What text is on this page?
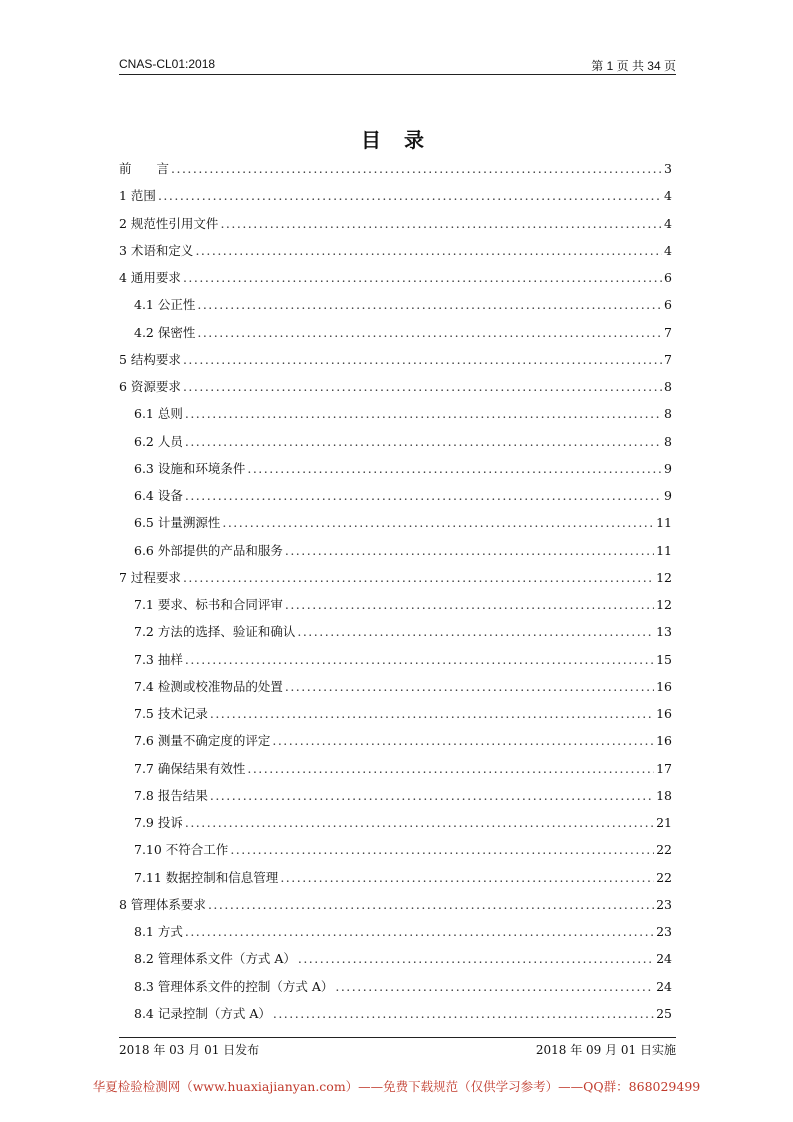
CNAS-CL01:2018	第 1 页 共 34 页
目 录
前　　言 .....	3
1 范围 .....	4
2 规范性引用文件 .....	4
3 术语和定义 .....	4
4 通用要求 .....	6
4.1 公正性 .....	6
4.2 保密性 .....	7
5 结构要求 .....	7
6 资源要求 .....	8
6.1 总则 .....	8
6.2 人员 .....	8
6.3 设施和环境条件 .....	9
6.4 设备 .....	9
6.5 计量溯源性 .....	11
6.6 外部提供的产品和服务 .....	11
7 过程要求 .....	12
7.1 要求、标书和合同评审 .....	12
7.2 方法的选择、验证和确认 .....	13
7.3 抽样 .....	15
7.4 检测或校准物品的处置 .....	16
7.5 技术记录 .....	16
7.6 测量不确定度的评定 .....	16
7.7 确保结果有效性 .....	17
7.8 报告结果 .....	18
7.9 投诉 .....	21
7.10 不符合工作 .....	22
7.11 数据控制和信息管理 .....	22
8 管理体系要求 .....	23
8.1 方式 .....	23
8.2 管理体系文件（方式 A） .....	24
8.3 管理体系文件的控制（方式 A） .....	24
8.4 记录控制（方式 A） .....	25
2018 年 03 月 01 日发布	2018 年 09 月 01 日实施
华夏检验检测网（www.huaxiajianyan.com）——免费下载规范（仅供学习参考）——QQ群：868029499
